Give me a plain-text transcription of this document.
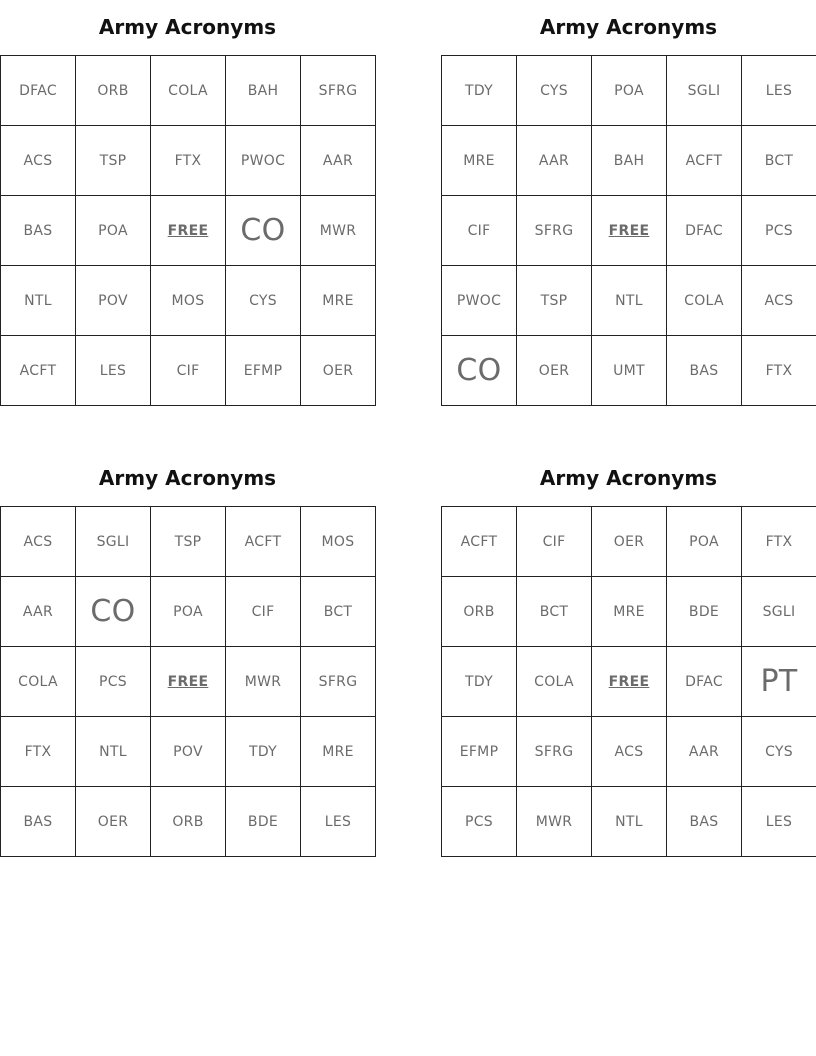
Army Acronyms
DFAC	ORB	COLA	BAH	SFRG
ACS	TSP	FTX	PWOC	AAR
BAS	POA	FREE	CO	MWR
NTL	POV	MOS	CYS	MRE
ACFT	LES	CIF	EFMP	OER
Army Acronyms
TDY	CYS	POA	SGLI	LES
MRE	AAR	BAH	ACFT	BCT
CIF	SFRG	FREE	DFAC	PCS
PWOC	TSP	NTL	COLA	ACS
CO	OER	UMT	BAS	FTX
Army Acronyms
ACS	SGLI	TSP	ACFT	MOS
AAR	CO	POA	CIF	BCT
COLA	PCS	FREE	MWR	SFRG
FTX	NTL	POV	TDY	MRE
BAS	OER	ORB	BDE	LES
Army Acronyms
ACFT	CIF	OER	POA	FTX
ORB	BCT	MRE	BDE	SGLI
TDY	COLA	FREE	DFAC	PT
EFMP	SFRG	ACS	AAR	CYS
PCS	MWR	NTL	BAS	LES
